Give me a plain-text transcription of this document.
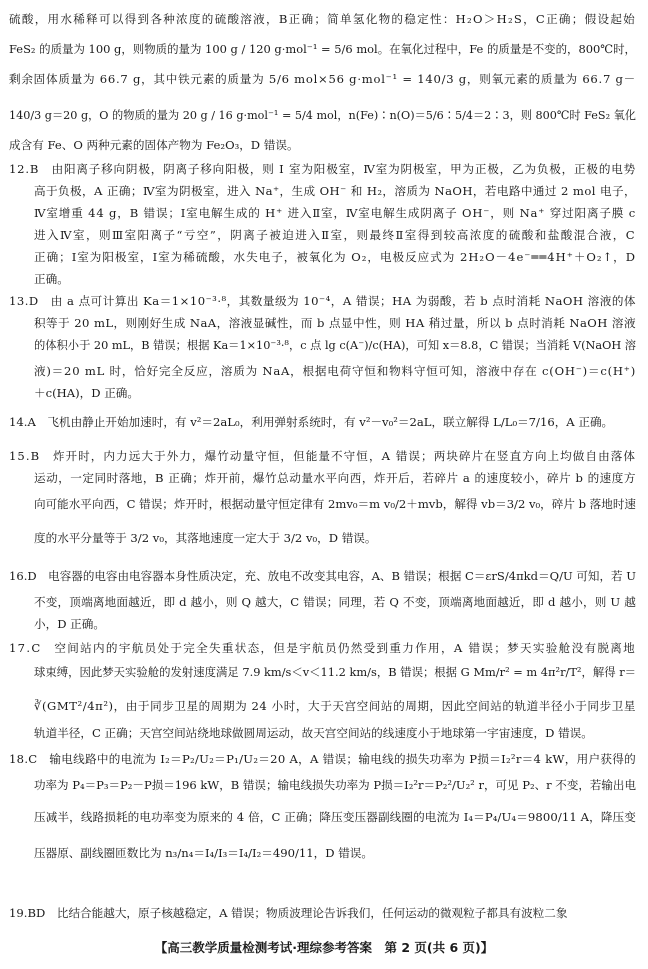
12.B　由阳离子移向阴极，阴离子移向阳极，则 I 室为阳极室，Ⅳ室为阴极室，甲为正极，乙为负极，正极的电势
高于负极，A 正确；Ⅳ室为阴极室，进入 Na⁺，生成 OH⁻ 和 H₂，溶质为 NaOH，若电路中通过 2 mol 电子，
Ⅳ室增重 44 g，B 错误；Ⅰ室电解生成的 H⁺ 进入Ⅱ室，Ⅳ室电解生成阴离子 OH⁻，则 Na⁺ 穿过阳离子膜 c
进入Ⅳ室，则Ⅲ室阳离子“亏空”，阴离子被迫进入Ⅱ室，则最终Ⅱ室得到较高浓度的硫酸和盐酸混合液，C
正确；Ⅰ室为阳极室，Ⅰ室为稀硫酸，水失电子，被氧化为 O₂，电极反应式为 2H₂O－4e⁻══4H⁺＋O₂↑，D
正确。
13.D　由 a 点可计算出 Ka＝1×10⁻³·⁸，其数量级为 10⁻⁴，A 错误；HA 为弱酸，若 b 点时消耗 NaOH 溶液的体
积等于 20 mL，则刚好生成 NaA，溶液显碱性，而 b 点显中性，则 HA 稍过量，所以 b 点时消耗 NaOH 溶液
的体积小于 20 mL，B 错误；根据 Ka＝1×10⁻³·⁸，c 点 lg c(A⁻)/c(HA)，可知 x＝8.8，C 错误；当消耗 V(NaOH 溶
液)＝20 mL 时，恰好完全反应，溶质为 NaA，根据电荷守恒和物料守恒可知，溶液中存在 c(OH⁻)＝c(H⁺)
＋c(HA)，D 正确。
14.A　飞机由静止开始加速时，有 v²＝2aL₀，利用弹射系统时，有 v²－v₀²＝2aL，联立解得 L/L₀＝7/16，A 正确。
15.B　炸开时，内力远大于外力，爆竹动量守恒，但能量不守恒，A 错误；两块碎片在竖直方向上均做自由落体
运动，一定同时落地，B 正确；炸开前，爆竹总动量水平向西，炸开后，若碎片 a 的速度较小，碎片 b 的速度方
向可能水平向西，C 错误；炸开时，根据动量守恒定律有 2mv₀＝m v₀/2＋mvb，解得 vb＝3/2 v₀，碎片 b 落地时速
度的水平分量等于 3/2 v₀，其落地速度一定大于 3/2 v₀，D 错误。
16.D　电容器的电容由电容器本身性质决定，充、放电不改变其电容，A、B 错误；根据 C＝εrS/4πkd＝Q/U 可知，若 U
不变，顶端离地面越近，即 d 越小，则 Q 越大，C 错误；同理，若 Q 不变，顶端离地面越近，即 d 越小，则 U 越
小，D 正确。
17.C　空间站内的宇航员处于完全失重状态，但是宇航员仍然受到重力作用，A 错误；梦天实验舱没有脱离地
球束缚，因此梦天实验舱的发射速度满足 7.9 km/s＜v＜11.2 km/s，B 错误；根据 G Mm/r² = m 4π²r/T²，解得 r＝
∛(GMT²/4π²)，由于同步卫星的周期为 24 小时，大于天宫空间站的周期，因此空间站的轨道半径小于同步卫星
轨道半径，C 正确；天宫空间站绕地球做圆周运动，故天宫空间站的线速度小于地球第一宇宙速度，D 错误。
18.C　输电线路中的电流为 I₂＝P₂/U₂＝P₁/U₂＝20 A，A 错误；输电线的损失功率为 P损＝I₂²r＝4 kW，用户获得的
功率为 P₄＝P₃＝P₂－P损＝196 kW，B 错误；输电线损失功率为 P损＝I₂²r＝P₂²/U₂² r，可见 P₂、r 不变，若输出电
压减半，线路损耗的电功率变为原来的 4 倍，C 正确；降压变压器副线圈的电流为 I₄＝P₄/U₄＝9800/11 A，降压变
压器原、副线圈匝数比为 n₃/n₄＝I₄/I₃＝I₄/I₂＝490/11，D 错误。
19.BD　比结合能越大，原子核越稳定，A 错误；物质波理论告诉我们，任何运动的微观粒子都具有波粒二象
【高三教学质量检测考试·理综参考答案　第 2 页(共 6 页)】
硫酸，用水稀释可以得到各种浓度的硫酸溶液，B正确；简单氢化物的稳定性：H₂O＞H₂S，C正确；假设起始
FeS₂ 的质量为 100 g，则物质的量为 100 g / 120 g·mol⁻¹ = 5/6 mol。在氧化过程中，Fe 的质量是不变的，800℃时，
剩余固体质量为 66.7 g，其中铁元素的质量为 5/6 mol×56 g·mol⁻¹ = 140/3 g，则氧元素的质量为 66.7 g－
140/3 g＝20 g，O 的物质的量为 20 g / 16 g·mol⁻¹ = 5/4 mol，n(Fe)∶n(O)＝5/6∶5/4＝2∶3，则 800℃时 FeS₂ 氧化
成含有 Fe、O 两种元素的固体产物为 Fe₂O₃，D 错误。
